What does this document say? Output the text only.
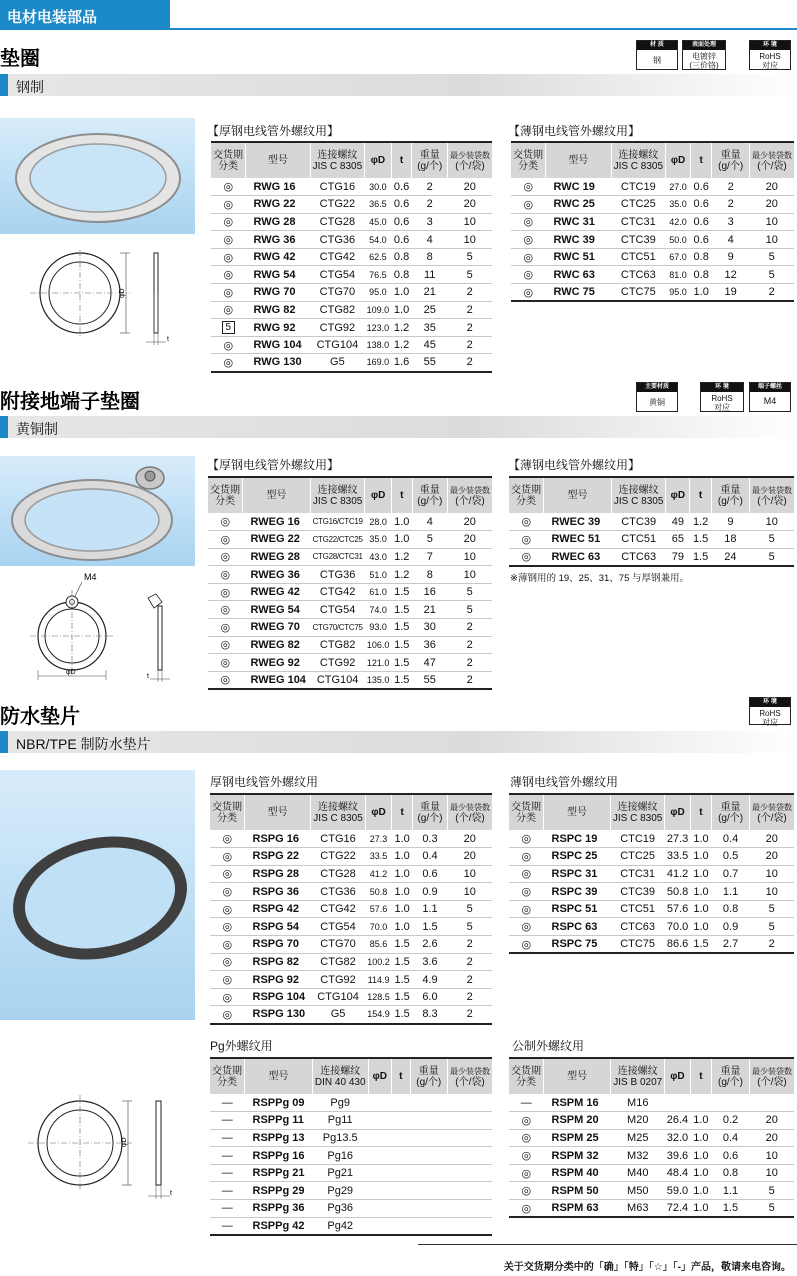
电材电装部品
垫圈
材 质
钢
表面处理
电镀锌
(三价铬)
环 境
RoHS
对应
钢制
φD
t
【厚钢电线管外螺纹用】
交货期
分类	型号	连接螺纹
JIS C 8305	φD	t	重量
(g/个)	最少装袋数
(个/袋)
◎	RWG 16	CTG16	30.0	0.6	2	20
◎	RWG 22	CTG22	36.5	0.6	2	20
◎	RWG 28	CTG28	45.0	0.6	3	10
◎	RWG 36	CTG36	54.0	0.6	4	10
◎	RWG 42	CTG42	62.5	0.8	8	5
◎	RWG 54	CTG54	76.5	0.8	11	5
◎	RWG 70	CTG70	95.0	1.0	21	2
◎	RWG 82	CTG82	109.0	1.0	25	2
5	RWG 92	CTG92	123.0	1.2	35	2
◎	RWG 104	CTG104	138.0	1.2	45	2
◎	RWG 130	G5	169.0	1.6	55	2
【薄钢电线管外螺纹用】
交货期
分类	型号	连接螺纹
JIS C 8305	φD	t	重量
(g/个)	最少装袋数
(个/袋)
◎	RWC 19	CTC19	27.0	0.6	2	20
◎	RWC 25	CTC25	35.0	0.6	2	20
◎	RWC 31	CTC31	42.0	0.6	3	10
◎	RWC 39	CTC39	50.0	0.6	4	10
◎	RWC 51	CTC51	67.0	0.8	9	5
◎	RWC 63	CTC63	81.0	0.8	12	5
◎	RWC 75	CTC75	95.0	1.0	19	2
附接地端子垫圈
主要材质
黄铜
环 境
RoHS
对应
端子螺丝
M4
黄铜制
M4
φD
t
【厚钢电线管外螺纹用】
交货期
分类	型号	连接螺纹
JIS C 8305	φD	t	重量
(g/个)	最少装袋数
(个/袋)
◎	RWEG 16	CTG16/CTC19	28.0	1.0	4	20
◎	RWEG 22	CTG22/CTC25	35.0	1.0	5	20
◎	RWEG 28	CTG28/CTC31	43.0	1.2	7	10
◎	RWEG 36	CTG36	51.0	1.2	8	10
◎	RWEG 42	CTG42	61.0	1.5	16	5
◎	RWEG 54	CTG54	74.0	1.5	21	5
◎	RWEG 70	CTG70/CTC75	93.0	1.5	30	2
◎	RWEG 82	CTG82	106.0	1.5	36	2
◎	RWEG 92	CTG92	121.0	1.5	47	2
◎	RWEG 104	CTG104	135.0	1.5	55	2
【薄钢电线管外螺纹用】
交货期
分类	型号	连接螺纹
JIS C 8305	φD	t	重量
(g/个)	最少装袋数
(个/袋)
◎	RWEC 39	CTC39	49	1.2	9	10
◎	RWEC 51	CTC51	65	1.5	18	5
◎	RWEC 63	CTC63	79	1.5	24	5
※薄钢用的 19、25、31、75 与厚钢兼用。
防水垫片
环 境
RoHS
对应
NBR/TPE 制防水垫片
φD
t
厚钢电线管外螺纹用
交货期
分类	型号	连接螺纹
JIS C 8305	φD	t	重量
(g/个)	最少装袋数
(个/袋)
◎	RSPG 16	CTG16	27.3	1.0	0.3	20
◎	RSPG 22	CTG22	33.5	1.0	0.4	20
◎	RSPG 28	CTG28	41.2	1.0	0.6	10
◎	RSPG 36	CTG36	50.8	1.0	0.9	10
◎	RSPG 42	CTG42	57.6	1.0	1.1	5
◎	RSPG 54	CTG54	70.0	1.0	1.5	5
◎	RSPG 70	CTG70	85.6	1.5	2.6	2
◎	RSPG 82	CTG82	100.2	1.5	3.6	2
◎	RSPG 92	CTG92	114.9	1.5	4.9	2
◎	RSPG 104	CTG104	128.5	1.5	6.0	2
◎	RSPG 130	G5	154.9	1.5	8.3	2
薄钢电线管外螺纹用
交货期
分类	型号	连接螺纹
JIS C 8305	φD	t	重量
(g/个)	最少装袋数
(个/袋)
◎	RSPC 19	CTC19	27.3	1.0	0.4	20
◎	RSPC 25	CTC25	33.5	1.0	0.5	20
◎	RSPC 31	CTC31	41.2	1.0	0.7	10
◎	RSPC 39	CTC39	50.8	1.0	1.1	10
◎	RSPC 51	CTC51	57.6	1.0	0.8	5
◎	RSPC 63	CTC63	70.0	1.0	0.9	5
◎	RSPC 75	CTC75	86.6	1.5	2.7	2
Pg外螺纹用
交货期
分类	型号	连接螺纹
DIN 40 430	φD	t	重量
(g/个)	最少装袋数
(个/袋)
—	RSPPg 09	Pg9				
—	RSPPg 11	Pg11				
—	RSPPg 13	Pg13.5				
—	RSPPg 16	Pg16				
—	RSPPg 21	Pg21				
—	RSPPg 29	Pg29				
—	RSPPg 36	Pg36				
—	RSPPg 42	Pg42				
公制外螺纹用
交货期
分类	型号	连接螺纹
JIS B 0207	φD	t	重量
(g/个)	最少装袋数
(个/袋)
—	RSPM 16	M16				
◎	RSPM 20	M20	26.4	1.0	0.2	20
◎	RSPM 25	M25	32.0	1.0	0.4	20
◎	RSPM 32	M32	39.6	1.0	0.6	10
◎	RSPM 40	M40	48.4	1.0	0.8	10
◎	RSPM 50	M50	59.0	1.0	1.1	5
◎	RSPM 63	M63	72.4	1.0	1.5	5
关于交货期分类中的「确」「特」「☆」「-」产品，敬请来电咨询。
